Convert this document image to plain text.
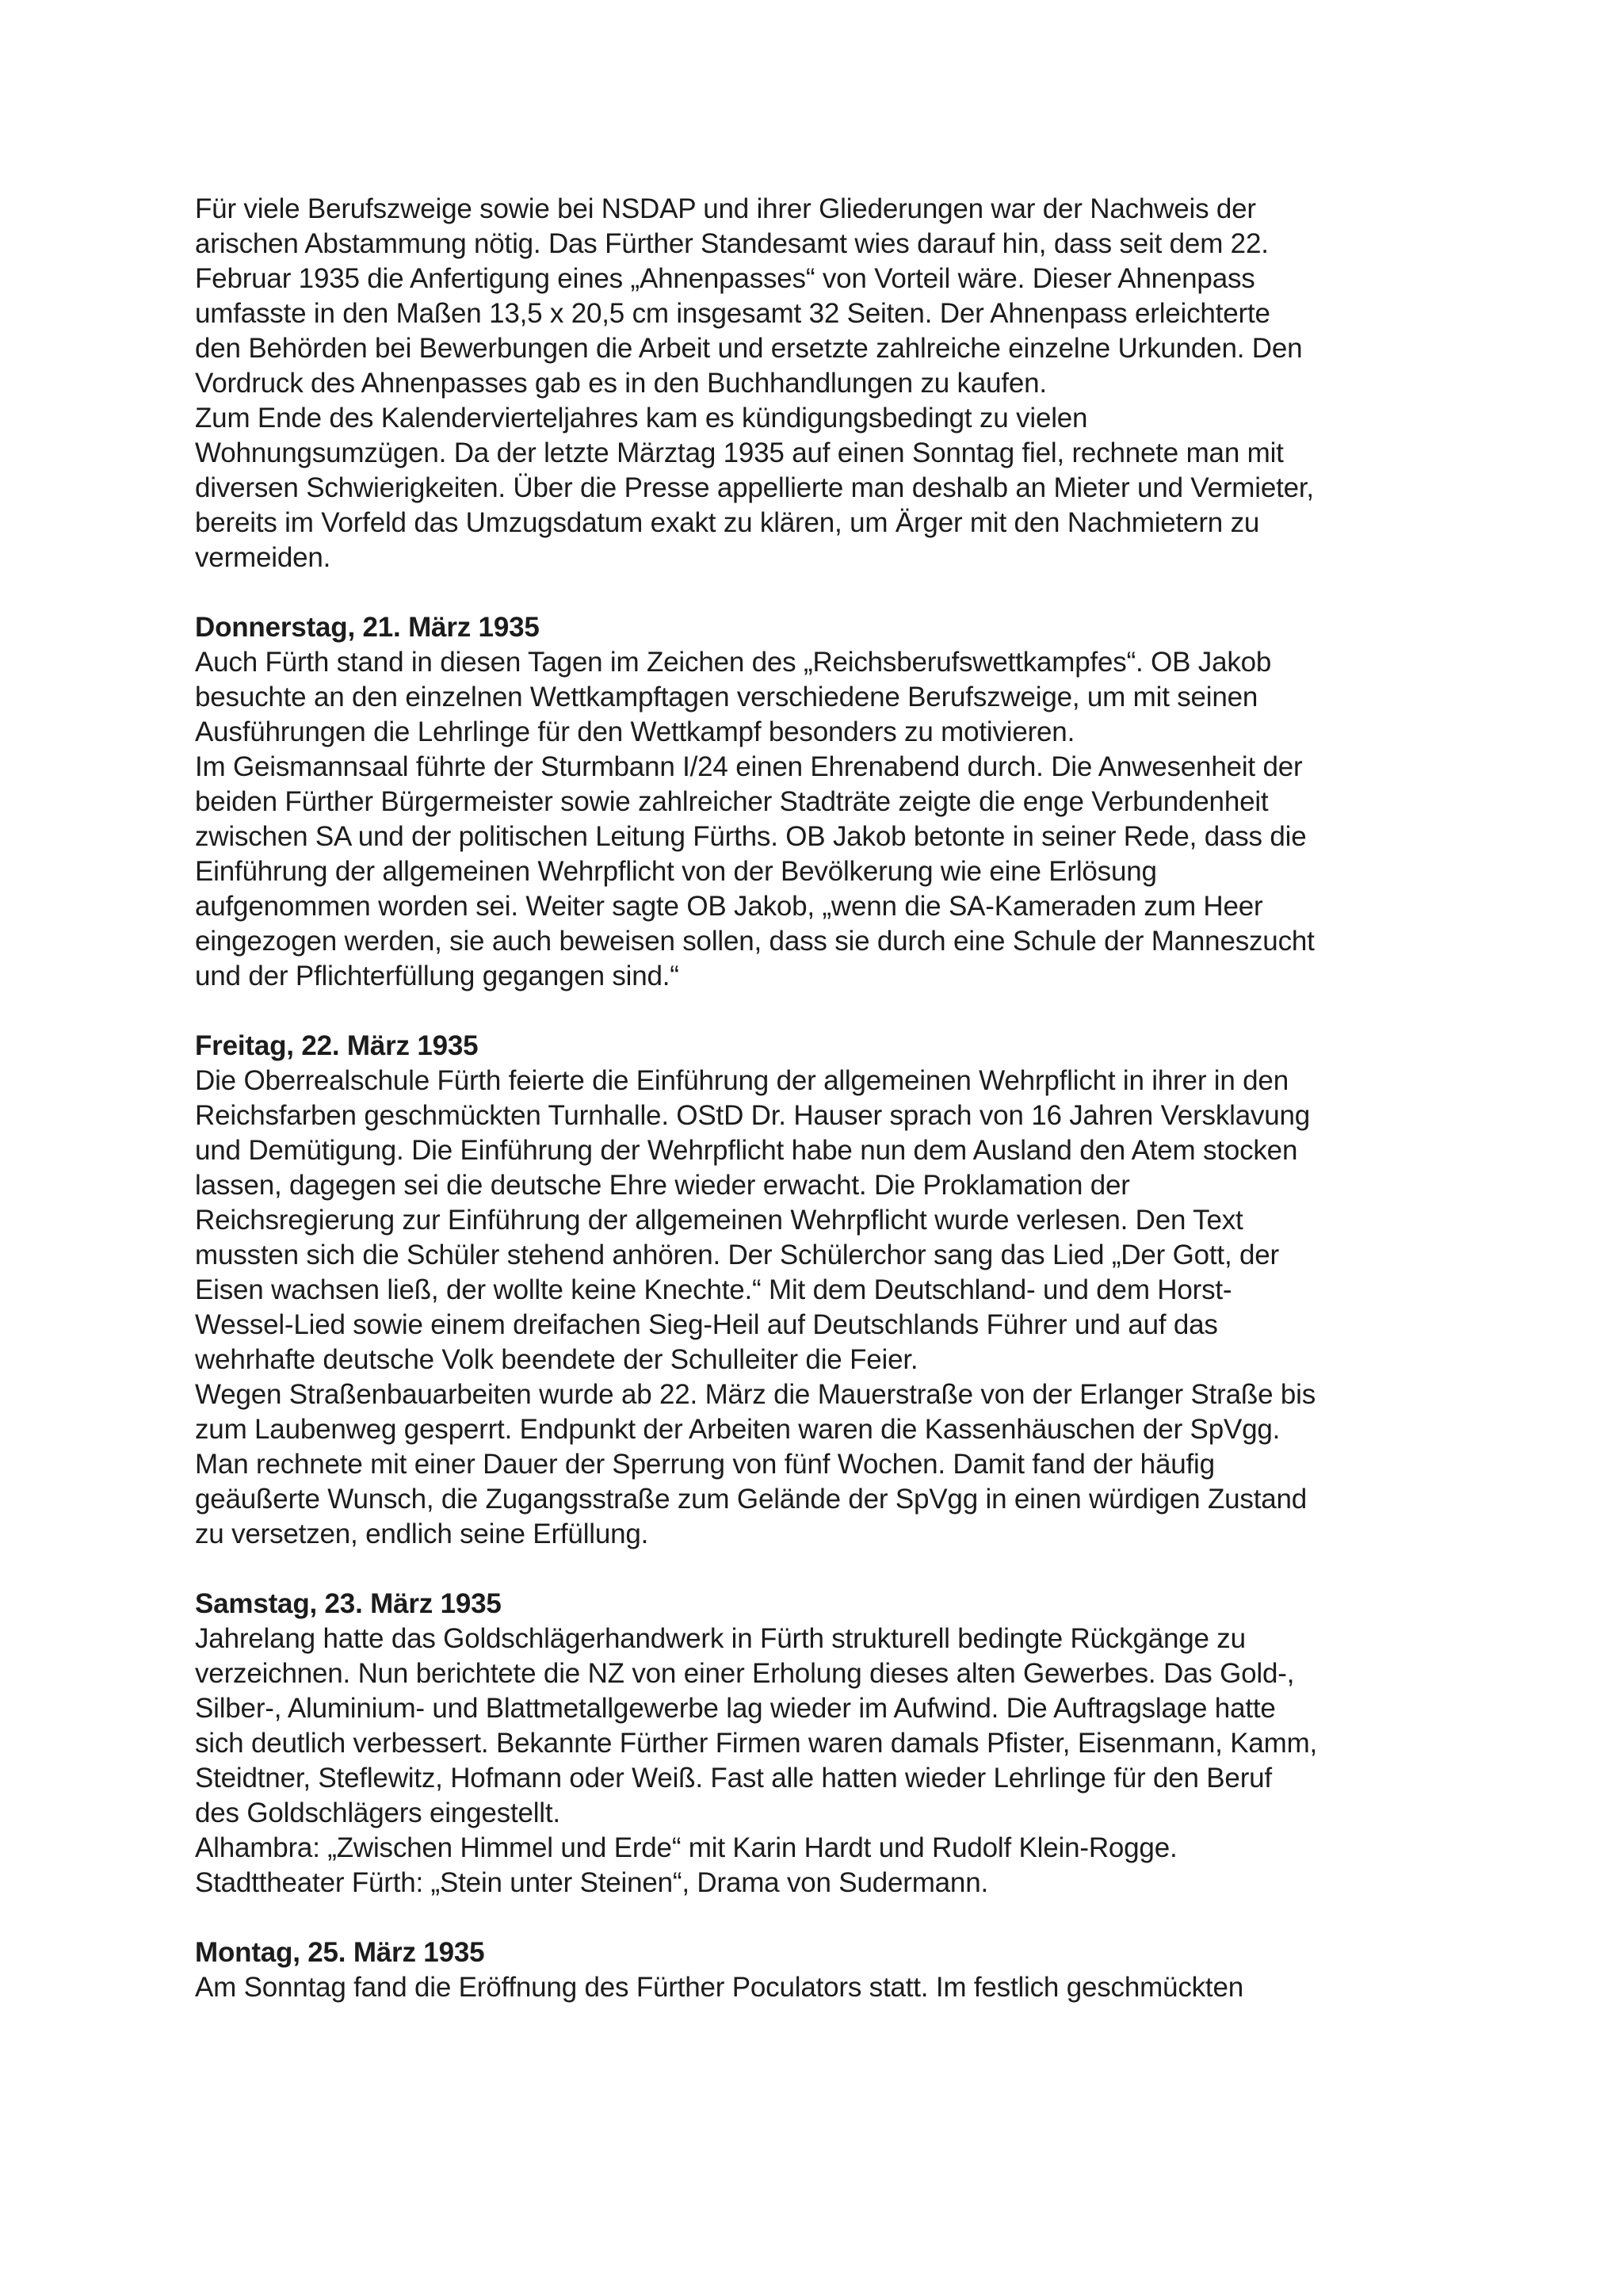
Für viele Berufszweige sowie bei NSDAP und ihrer Gliederungen war der Nachweis der
arischen Abstammung nötig. Das Fürther Standesamt wies darauf hin, dass seit dem 22.
Februar 1935 die Anfertigung eines „Ahnenpasses“ von Vorteil wäre. Dieser Ahnenpass
umfasste in den Maßen 13,5 x 20,5 cm insgesamt 32 Seiten. Der Ahnenpass erleichterte
den Behörden bei Bewerbungen die Arbeit und ersetzte zahlreiche einzelne Urkunden. Den
Vordruck des Ahnenpasses gab es in den Buchhandlungen zu kaufen.

Zum Ende des Kalendervierteljahres kam es kündigungsbedingt zu vielen
Wohnungsumzügen. Da der letzte Märztag 1935 auf einen Sonntag fiel, rechnete man mit
diversen Schwierigkeiten. Über die Presse appellierte man deshalb an Mieter und Vermieter,
bereits im Vorfeld das Umzugsdatum exakt zu klären, um Ärger mit den Nachmietern zu
vermeiden.

Donnerstag, 21. März 1935

Auch Fürth stand in diesen Tagen im Zeichen des „Reichsberufswettkampfes“. OB Jakob
besuchte an den einzelnen Wettkampftagen verschiedene Berufszweige, um mit seinen
Ausführungen die Lehrlinge für den Wettkampf besonders zu motivieren.

Im Geismannsaal führte der Sturmbann I/24 einen Ehrenabend durch. Die Anwesenheit der
beiden Fürther Bürgermeister sowie zahlreicher Stadträte zeigte die enge Verbundenheit
zwischen SA und der politischen Leitung Fürths. OB Jakob betonte in seiner Rede, dass die
Einführung der allgemeinen Wehrpflicht von der Bevölkerung wie eine Erlösung
aufgenommen worden sei. Weiter sagte OB Jakob, „wenn die SA-Kameraden zum Heer
eingezogen werden, sie auch beweisen sollen, dass sie durch eine Schule der Manneszucht
und der Pflichterfüllung gegangen sind.“

Freitag, 22. März 1935

Die Oberrealschule Fürth feierte die Einführung der allgemeinen Wehrpflicht in ihrer in den
Reichsfarben geschmückten Turnhalle. OStD Dr. Hauser sprach von 16 Jahren Versklavung
und Demütigung. Die Einführung der Wehrpflicht habe nun dem Ausland den Atem stocken
lassen, dagegen sei die deutsche Ehre wieder erwacht. Die Proklamation der
Reichsregierung zur Einführung der allgemeinen Wehrpflicht wurde verlesen. Den Text
mussten sich die Schüler stehend anhören. Der Schülerchor sang das Lied „Der Gott, der
Eisen wachsen ließ, der wollte keine Knechte.“ Mit dem Deutschland- und dem Horst-
Wessel-Lied sowie einem dreifachen Sieg-Heil auf Deutschlands Führer und auf das
wehrhafte deutsche Volk beendete der Schulleiter die Feier.

Wegen Straßenbauarbeiten wurde ab 22. März die Mauerstraße von der Erlanger Straße bis
zum Laubenweg gesperrt. Endpunkt der Arbeiten waren die Kassenhäuschen der SpVgg.
Man rechnete mit einer Dauer der Sperrung von fünf Wochen. Damit fand der häufig
geäußerte Wunsch, die Zugangsstraße zum Gelände der SpVgg in einen würdigen Zustand
zu versetzen, endlich seine Erfüllung.

Samstag, 23. März 1935

Jahrelang hatte das Goldschlägerhandwerk in Fürth strukturell bedingte Rückgänge zu
verzeichnen. Nun berichtete die NZ von einer Erholung dieses alten Gewerbes. Das Gold-,
Silber-, Aluminium- und Blattmetallgewerbe lag wieder im Aufwind. Die Auftragslage hatte
sich deutlich verbessert. Bekannte Fürther Firmen waren damals Pfister, Eisenmann, Kamm,
Steidtner, Steflewitz, Hofmann oder Weiß. Fast alle hatten wieder Lehrlinge für den Beruf
des Goldschlägers eingestellt.

Alhambra: „Zwischen Himmel und Erde“ mit Karin Hardt und Rudolf Klein-Rogge.

Stadttheater Fürth: „Stein unter Steinen“, Drama von Sudermann.

Montag, 25. März 1935

Am Sonntag fand die Eröffnung des Fürther Poculators statt. Im festlich geschmückten
